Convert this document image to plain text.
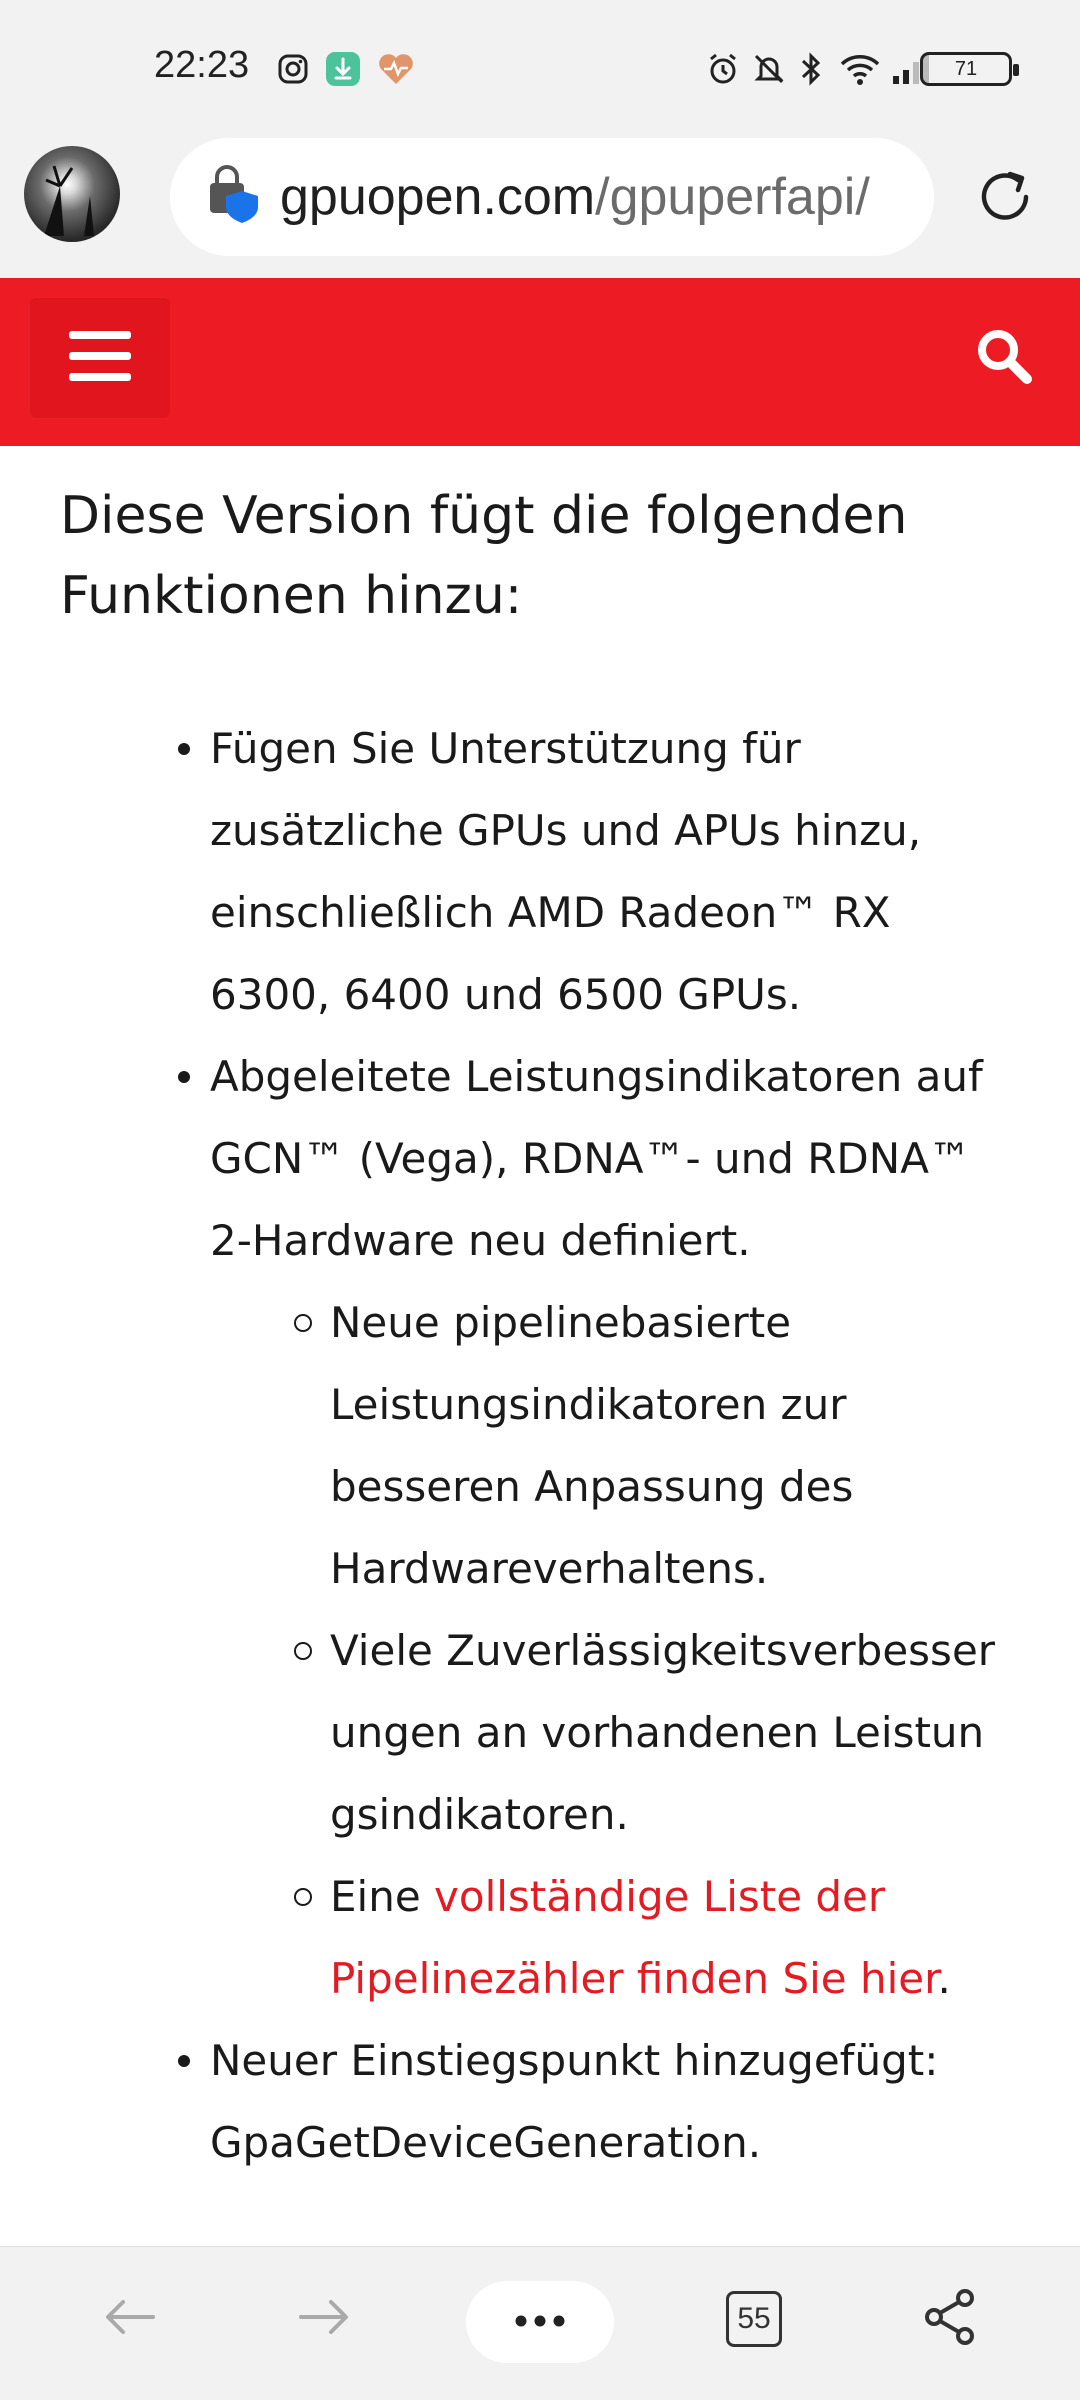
22:23	71
gpuopen.com/gpuperfapi/
Diese Version fügt die folgenden Funktionen hinzu:
Fügen Sie Unterstützung für zusätzliche GPUs und APUs hinzu, einschließlich AMD Radeon™ RX 6300, 6400 und 6500 GPUs.
Abgeleitete Leistungsindikatoren auf GCN™ (Vega), RDNA™- und RDNA™ 2-Hardware neu definiert.
Neue pipelinebasierte Leistungsindikatoren zur besseren Anpassung des Hardwareverhaltens.
Viele Zuverlässigkeitsverbesserungen an vorhandenen Leistungsindikatoren.
Eine vollständige Liste der Pipelinezähler finden Sie hier.
Neuer Einstiegspunkt hinzugefügt: GpaGetDeviceGeneration.
55
